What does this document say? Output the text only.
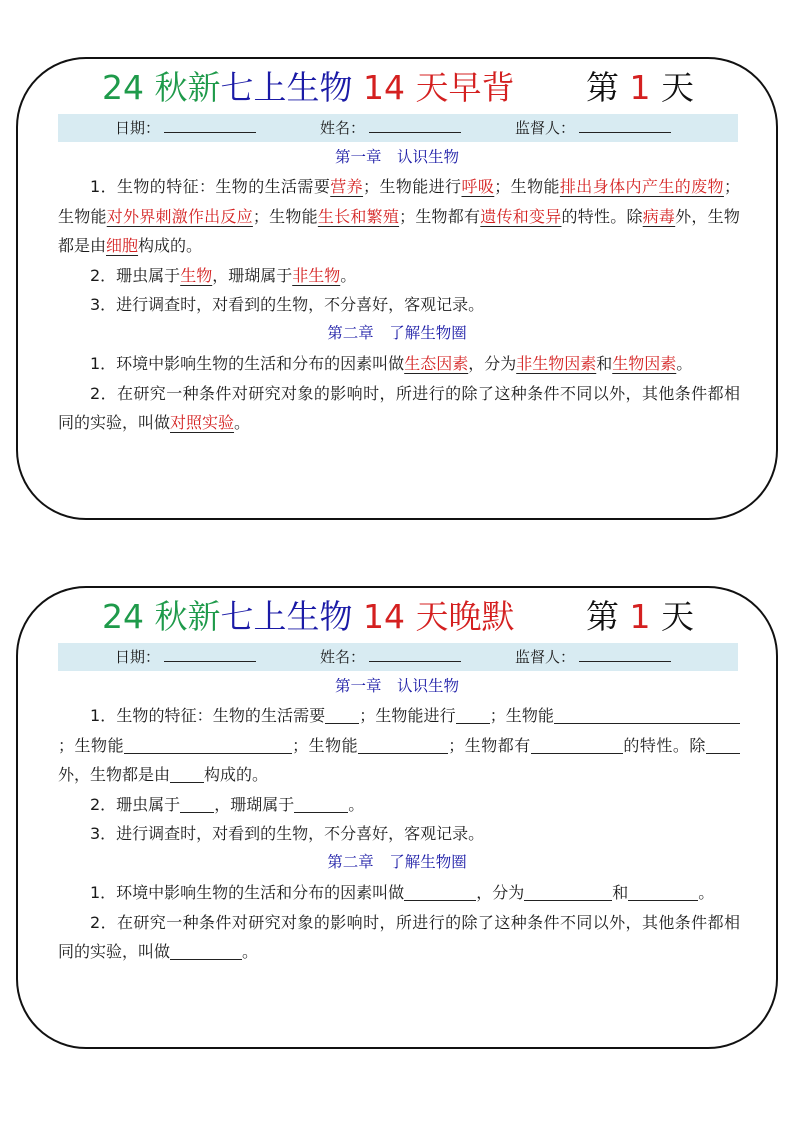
24 秋新七上生物 14 天早背 第 1 天
日期：	姓名：	监督人：
第一章　认识生物

1．生物的特征：生物的生活需要营养；生物能进行呼吸；生物能排出身体内产生的废物；生物能对外界刺激作出反应；生物能生长和繁殖；生物都有遗传和变异的特性。除病毒外，生物都是由细胞构成的。

2．珊虫属于生物，珊瑚属于非生物。

3．进行调查时，对看到的生物，不分喜好，客观记录。

第二章　了解生物圈

1．环境中影响生物的生活和分布的因素叫做生态因素，分为非生物因素和生物因素。

2．在研究一种条件对研究对象的影响时，所进行的除了这种条件不同以外，其他条件都相同的实验，叫做对照实验。

24 秋新七上生物 14 天晚默 第 1 天
日期：	姓名：	监督人：
第一章　认识生物

1．生物的特征：生物的生活需要 ；生物能进行 ；生物能；生物能	；生物能	；生物都有	的特性。除外，生物都是由 构成的。

2．珊虫属于 ，珊瑚属于	。

3．进行调查时，对看到的生物，不分喜好，客观记录。

第二章　了解生物圈

1．环境中影响生物的生活和分布的因素叫做	，分为	和	。

2．在研究一种条件对研究对象的影响时，所进行的除了这种条件不同以外，其他条件都相同的实验，叫做	。
